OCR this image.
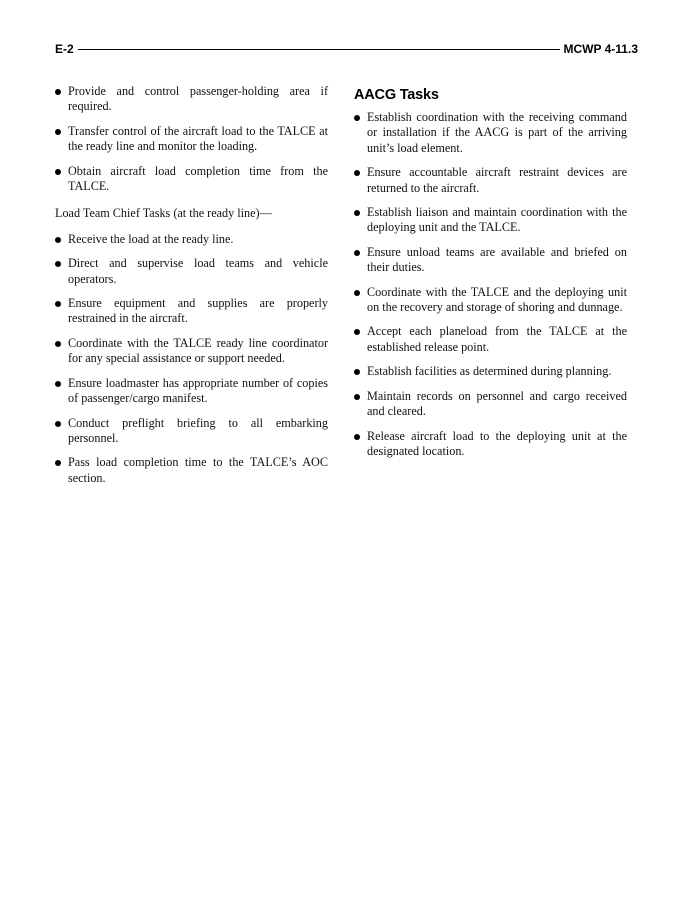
E-2	MCWP 4-11.3
Provide and control passenger-holding area if required.
Transfer control of the aircraft load to the TALCE at the ready line and monitor the loading.
Obtain aircraft load completion time from the TALCE.
Load Team Chief Tasks (at the ready line)—
Receive the load at the ready line.
Direct and supervise load teams and vehicle operators.
Ensure equipment and supplies are properly restrained in the aircraft.
Coordinate with the TALCE ready line coordinator for any special assistance or support needed.
Ensure loadmaster has appropriate number of copies of passenger/cargo manifest.
Conduct preflight briefing to all embarking personnel.
Pass load completion time to the TALCE’s AOC section.
AACG Tasks
Establish coordination with the receiving command or installation if the AACG is part of the arriving unit’s load element.
Ensure accountable aircraft restraint devices are returned to the aircraft.
Establish liaison and maintain coordination with the deploying unit and the TALCE.
Ensure unload teams are available and briefed on their duties.
Coordinate with the TALCE and the deploying unit on the recovery and storage of shoring and dunnage.
Accept each planeload from the TALCE at the established release point.
Establish facilities as determined during planning.
Maintain records on personnel and cargo received and cleared.
Release aircraft load to the deploying unit at the designated location.
